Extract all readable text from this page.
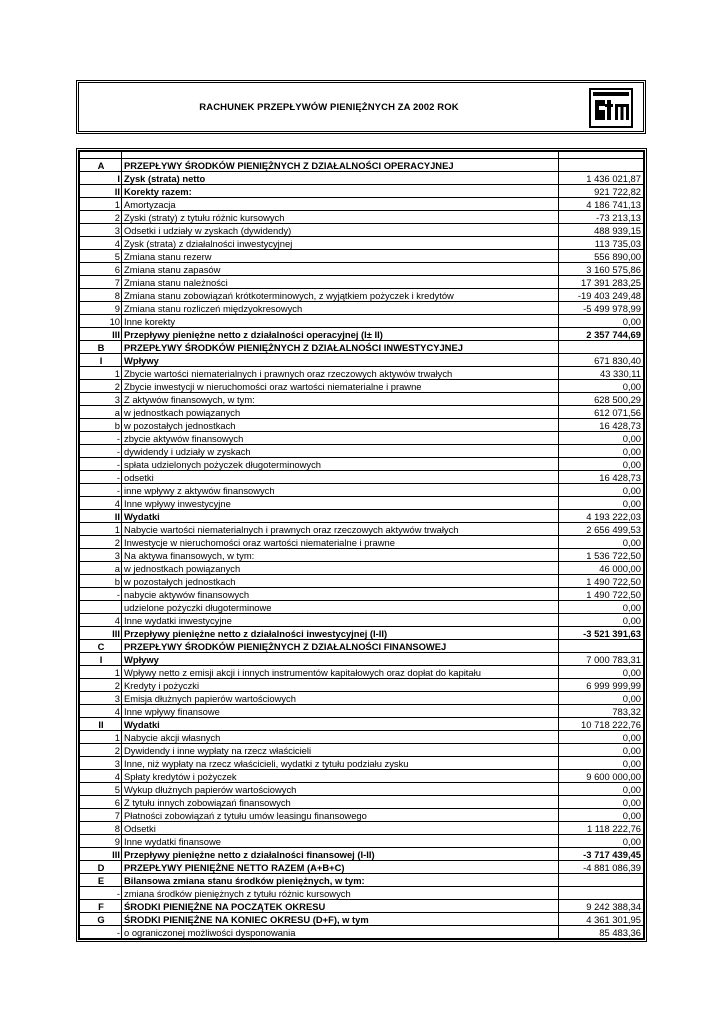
RACHUNEK PRZEPŁYWÓW PIENIĘŻNYCH ZA 2002 ROK

A	PRZEPŁYWY ŚRODKÓW PIENIĘŻNYCH Z DZIAŁALNOŚCI OPERACYJNEJ	
I	Zysk (strata) netto	1 436 021,87
II	Korekty razem:	921 722,82
1	Amortyzacja	4 186 741,13
2	Zyski (straty) z tytułu różnic kursowych	-73 213,13
3	Odsetki i udziały w zyskach (dywidendy)	488 939,15
4	Zysk (strata) z działalności inwestycyjnej	113 735,03
5	Zmiana stanu rezerw	556 890,00
6	Zmiana stanu zapasów	3 160 575,86
7	Zmiana stanu należności	17 391 283,25
8	Zmiana stanu zobowiązań krótkoterminowych, z wyjątkiem pożyczek i kredytów	-19 403 249,48
9	Zmiana stanu rozliczeń międzyokresowych	-5 499 978,99
10	Inne korekty	0,00
III	Przepływy pieniężne netto z działalności operacyjnej (I± II)	2 357 744,69
B	PRZEPŁYWY ŚRODKÓW PIENIĘŻNYCH Z DZIAŁALNOŚCI INWESTYCYJNEJ	
I	Wpływy	671 830,40
1	Zbycie wartości niematerialnych i prawnych oraz rzeczowych aktywów trwałych	43 330,11
2	Zbycie inwestycji w nieruchomości oraz wartości niematerialne i prawne	0,00
3	Z aktywów finansowych, w tym:	628 500,29
a	w jednostkach powiązanych	612 071,56
b	w pozostałych jednostkach	16 428,73
-	zbycie aktywów finansowych	0,00
-	dywidendy i udziały w zyskach	0,00
-	spłata udzielonych pożyczek długoterminowych	0,00
-	odsetki	16 428,73
-	inne wpływy z aktywów finansowych	0,00
4	Inne wpływy inwestycyjne	0,00
II	Wydatki	4 193 222,03
1	Nabycie wartości niematerialnych i prawnych oraz rzeczowych aktywów trwałych	2 656 499,53
2	Inwestycje w nieruchomości oraz wartości niematerialne i prawne	0,00
3	Na aktywa finansowych, w tym:	1 536 722,50
a	w jednostkach powiązanych	46 000,00
b	w pozostałych jednostkach	1 490 722,50
-	nabycie aktywów finansowych	1 490 722,50
	udzielone pożyczki długoterminowe	0,00
4	Inne wydatki inwestycyjne	0,00
III	Przepływy pieniężne netto z działalności inwestycyjnej (I-II)	-3 521 391,63
C	PRZEPŁYWY ŚRODKÓW PIENIĘŻNYCH Z DZIAŁALNOŚCI FINANSOWEJ	
I	Wpływy	7 000 783,31
1	Wpływy netto z emisji akcji i innych instrumentów kapitałowych oraz dopłat do kapitału	0,00
2	Kredyty i pożyczki	6 999 999,99
3	Emisja dłużnych papierów wartościowych	0,00
4	Inne wpływy finansowe	783,32
II	Wydatki	10 718 222,76
1	Nabycie akcji własnych	0,00
2	Dywidendy i inne wypłaty na rzecz właścicieli	0,00
3	Inne, niż wypłaty na rzecz właścicieli, wydatki z tytułu podziału zysku	0,00
4	Spłaty kredytów i pożyczek	9 600 000,00
5	Wykup dłużnych papierów wartościowych	0,00
6	Z tytułu innych zobowiązań finansowych	0,00
7	Płatności zobowiązań z tytułu umów leasingu finansowego	0,00
8	Odsetki	1 118 222,76
9	Inne wydatki finansowe	0,00
III	Przepływy pieniężne netto z działalności finansowej (I-II)	-3 717 439,45
D	PRZEPŁYWY PIENIĘŻNE NETTO RAZEM (A+B+C)	-4 881 086,39
E	Bilansowa zmiana stanu środków pieniężnych, w tym:	
-	zmiana środków pieniężnych z tytułu różnic kursowych	
F	ŚRODKI PIENIĘŻNE NA POCZĄTEK OKRESU	9 242 388,34
G	ŚRODKI PIENIĘŻNE NA KONIEC OKRESU (D+F), w tym	4 361 301,95
-	o ograniczonej możliwości dysponowania	85 483,36
